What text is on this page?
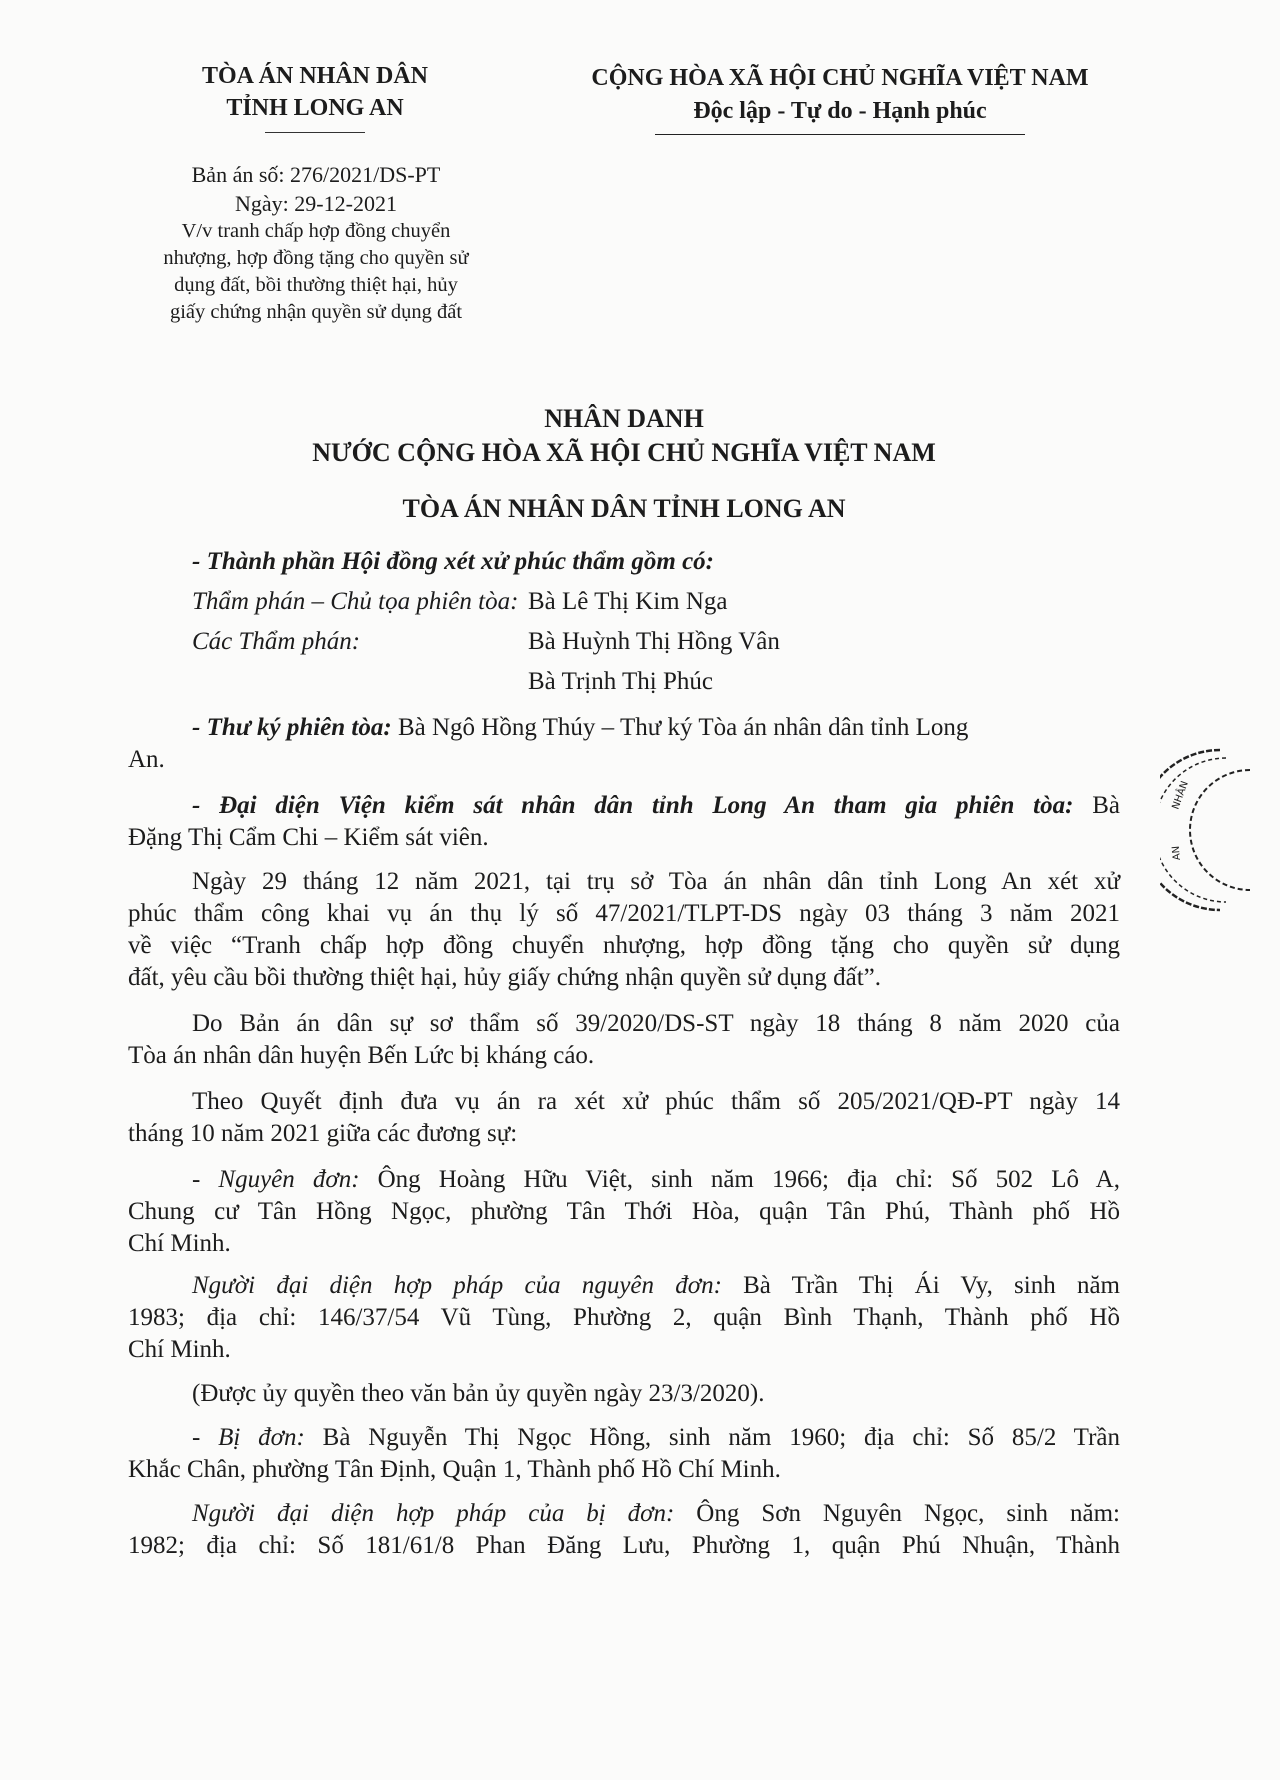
TÒA ÁN NHÂN DÂN
TỈNH LONG AN
CỘNG HÒA XÃ HỘI CHỦ NGHĨA VIỆT NAM
Độc lập - Tự do - Hạnh phúc
Bản án số: 276/2021/DS-PT
Ngày: 29-12-2021
V/v tranh chấp hợp đồng chuyển
nhượng, hợp đồng tặng cho quyền sử
dụng đất, bồi thường thiệt hại, hủy
giấy chứng nhận quyền sử dụng đất
NHÂN DANH
NƯỚC CỘNG HÒA XÃ HỘI CHỦ NGHĨA VIỆT NAM
TÒA ÁN NHÂN DÂN TỈNH LONG AN
- Thành phần Hội đồng xét xử phúc thẩm gồm có:
Thẩm phán – Chủ tọa phiên tòa: Bà Lê Thị Kim Nga
Các Thẩm phán:	Bà Huỳnh Thị Hồng Vân
Bà Trịnh Thị Phúc
- Thư ký phiên tòa: Bà Ngô Hồng Thúy – Thư ký Tòa án nhân dân tỉnh Long
An.
- Đại diện Viện kiểm sát nhân dân tỉnh Long An tham gia phiên tòa: Bà
Đặng Thị Cẩm Chi – Kiểm sát viên.
Ngày 29 tháng 12 năm 2021, tại trụ sở Tòa án nhân dân tỉnh Long An xét xử
phúc thẩm công khai vụ án thụ lý số 47/2021/TLPT-DS ngày 03 tháng 3 năm 2021
về việc “Tranh chấp hợp đồng chuyển nhượng, hợp đồng tặng cho quyền sử dụng
đất, yêu cầu bồi thường thiệt hại, hủy giấy chứng nhận quyền sử dụng đất”.
Do Bản án dân sự sơ thẩm số 39/2020/DS-ST ngày 18 tháng 8 năm 2020 của
Tòa án nhân dân huyện Bến Lức bị kháng cáo.
Theo Quyết định đưa vụ án ra xét xử phúc thẩm số 205/2021/QĐ-PT ngày 14
tháng 10 năm 2021 giữa các đương sự:
- Nguyên đơn: Ông Hoàng Hữu Việt, sinh năm 1966; địa chỉ: Số 502 Lô A,
Chung cư Tân Hồng Ngọc, phường Tân Thới Hòa, quận Tân Phú, Thành phố Hồ
Chí Minh.
Người đại diện hợp pháp của nguyên đơn: Bà Trần Thị Ái Vy, sinh năm
1983; địa chỉ: 146/37/54 Vũ Tùng, Phường 2, quận Bình Thạnh, Thành phố Hồ
Chí Minh.
(Được ủy quyền theo văn bản ủy quyền ngày 23/3/2020).
- Bị đơn: Bà Nguyễn Thị Ngọc Hồng, sinh năm 1960; địa chỉ: Số 85/2 Trần
Khắc Chân, phường Tân Định, Quận 1, Thành phố Hồ Chí Minh.
Người đại diện hợp pháp của bị đơn: Ông Sơn Nguyên Ngọc, sinh năm:
1982; địa chỉ: Số 181/61/8 Phan Đăng Lưu, Phường 1, quận Phú Nhuận, Thành
NHÂN
AN
